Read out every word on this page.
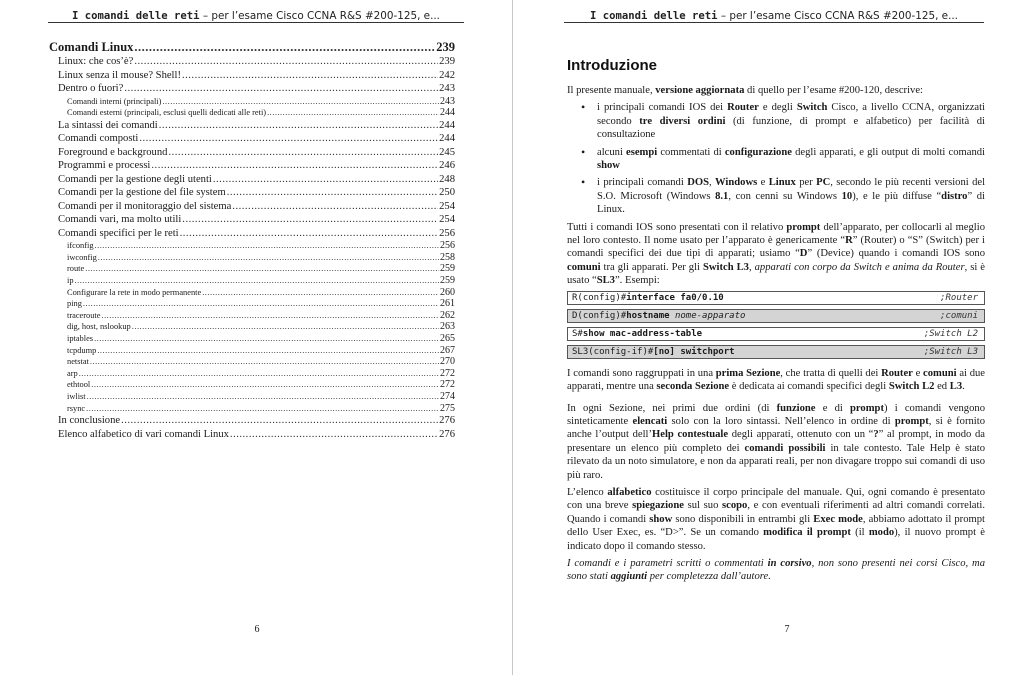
I comandi delle reti – per l’esame Cisco CCNA R&S #200-125, e...
Comandi Linux .....	239
Linux: che cos’è? .....	239
Linux senza il mouse? Shell! .....	242
Dentro o fuori? .....	243
Comandi interni (principali) .....	243
Comandi esterni (principali, esclusi quelli dedicati alle reti) .....	244
La sintassi dei comandi .....	244
Comandi composti .....	244
Foreground e background .....	245
Programmi e processi .....	246
Comandi per la gestione degli utenti .....	248
Comandi per la gestione del file system .....	250
Comandi per il monitoraggio del sistema .....	254
Comandi vari, ma molto utili .....	254
Comandi specifici per le reti .....	256
ifconfig .....	256
iwconfig .....	258
route .....	259
ip .....	259
Configurare la rete in modo permanente .....	260
ping .....	261
traceroute .....	262
dig, host, nslookup .....	263
iptables .....	265
tcpdump .....	267
netstat .....	270
arp .....	272
ethtool .....	272
iwlist .....	274
rsync .....	275
In conclusione .....	276
Elenco alfabetico di vari comandi Linux .....	276
6
I comandi delle reti – per l’esame Cisco CCNA R&S #200-125, e...
Introduzione

Il presente manuale, versione aggiornata di quello per l’esame #200-120, descrive:

• i principali comandi IOS dei Router e degli Switch Cisco, a livello CCNA, organizzati secondo tre diversi ordini (di funzione, di prompt e alfabetico) per facilità di consultazione
• alcuni esempi commentati di configurazione degli apparati, e gli output di molti comandi show
• i principali comandi DOS, Windows e Linux per PC, secondo le più recenti versioni del S.O. Microsoft (Windows 8.1, con cenni su Windows 10), e le più diffuse “distro” di Linux.

Tutti i comandi IOS sono presentati con il relativo prompt dell’apparato, per collocarli al meglio nel loro contesto. Il nome usato per l’apparato è genericamente “R” (Router) o “S” (Switch) per i comandi specifici dei due tipi di apparati; usiamo “D” (Device) quando i comandi IOS sono comuni tra gli apparati. Per gli Switch L3, apparati con corpo da Switch e anima da Router, si è usato “SL3”. Esempi:

R(config)#interface fa0/0.10	;Router
D(config)#hostname nome-apparato	;comuni
S#show mac-address-table	;Switch L2
SL3(config-if)#[no] switchport	;Switch L3

I comandi sono raggruppati in una prima Sezione, che tratta di quelli dei Router e comuni ai due apparati, mentre una seconda Sezione è dedicata ai comandi specifici degli Switch L2 ed L3.

In ogni Sezione, nei primi due ordini (di funzione e di prompt) i comandi vengono sinteticamente elencati solo con la loro sintassi. Nell’elenco in ordine di prompt, si è fornito anche l’output dell’Help contestuale degli apparati, ottenuto con un “?” al prompt, in modo da presentare un elenco più completo dei comandi possibili in tale contesto. Tale Help è stato rilevato da un noto simulatore, e non da apparati reali, per non divagare troppo sui comandi di uso più raro.

L’elenco alfabetico costituisce il corpo principale del manuale. Qui, ogni comando è presentato con una breve spiegazione sul suo scopo, e con eventuali riferimenti ad altri comandi correlati. Quando i comandi show sono disponibili in entrambi gli Exec mode, abbiamo adottato il prompt dello User Exec, es. “D>”. Se un comando modifica il prompt (il modo), il nuovo prompt è indicato dopo il comando stesso.

I comandi e i parametri scritti o commentati in corsivo, non sono presenti nei corsi Cisco, ma sono stati aggiunti per completezza dall’autore.

7
